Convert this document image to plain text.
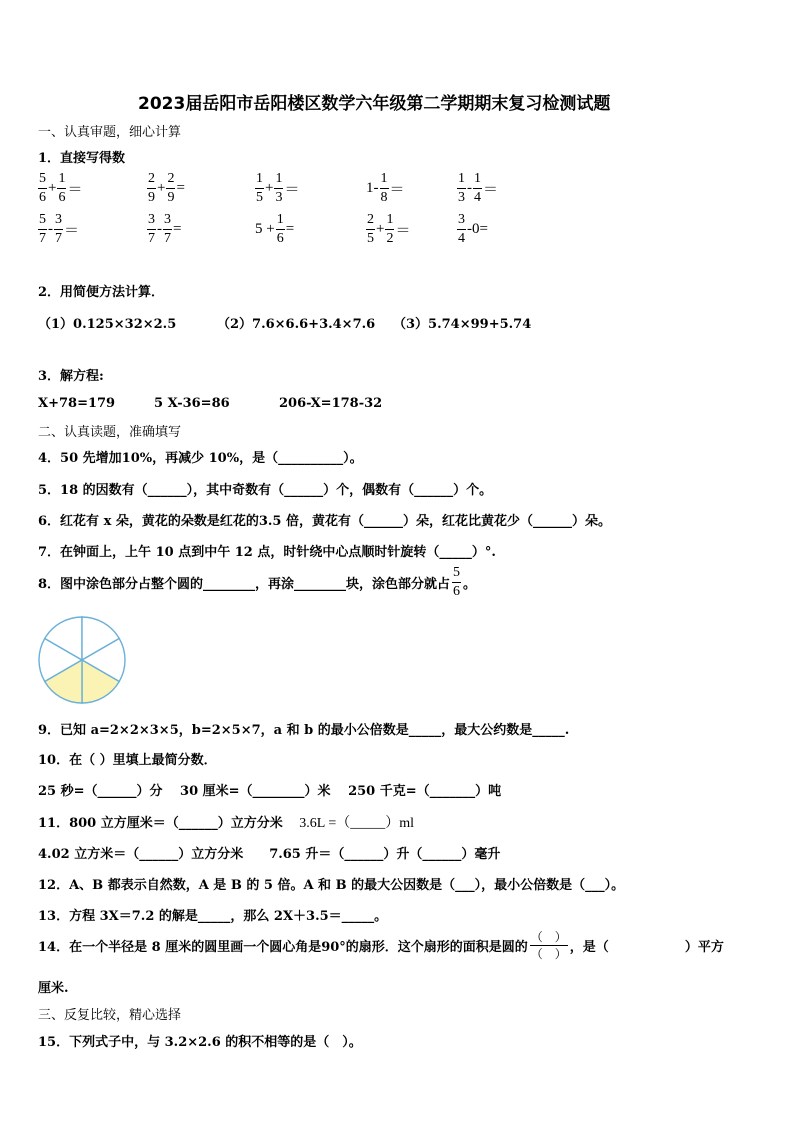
2023届岳阳市岳阳楼区数学六年级第二学期期末复习检测试题
一、认真审题，细心计算
1．直接写得数
$\frac{5}{6} + \frac{1}{6}$ ＝	$\frac{2}{9} + \frac{2}{9}$ =	$\frac{1}{5} + \frac{1}{3}$ ＝	$1- \frac{1}{8}$ ＝	$\frac{1}{3} - \frac{1}{4}$ ＝
$\frac{5}{7} - \frac{3}{7}$ ＝	$\frac{3}{7} - \frac{3}{7}$ =	$5 + \frac{1}{6}$ =	$\frac{2}{5} + \frac{1}{2}$ ＝	$\frac{3}{4} -0=$
2．用简便方法计算．
（1）0.125×32×2.5	（2）7.6×6.6+3.4×7.6 （3）5.74×99+5.74
3．解方程:
X+78=179	5 X-36=86	206-X=178-32
二、认真读题，准确填写
4．50 先增加10%，再减少 10%，是（__________）。
5．18 的因数有（______），其中奇数有（______）个，偶数有（______）个。
6．红花有 x 朵，黄花的朵数是红花的3.5 倍，黄花有（______）朵，红花比黄花少（______）朵。
7．在钟面上，上午 10 点到中午 12 点，时针绕中心点顺时针旋转（_____）°.
8．图中涂色部分占整个圆的________，再涂________块，涂色部分就占 $\frac{5}{6}$ 。
9．已知 a=2×2×3×5，b=2×5×7，a 和 b 的最小公倍数是_____，最大公约数是_____.
10．在（ ）里填上最简分数．
25 秒=（______）分　 30 厘米=（________）米　 250 千克=（_______）吨
11．800 立方厘米＝（______）立方分米 3.6L =（_____）ml
4.02 立方米＝（______）立方分米　　7.65 升＝（______）升（______）毫升
12．A、B 都表示自然数，A 是 B 的 5 倍。A 和 B 的最大公因数是（___），最小公倍数是（___）。
13．方程 3X＝7.2 的解是_____，那么 2X＋3.5＝_____。
14．在一个半径是 8 厘米的圆里画一个圆心角是90°的扇形．这个扇形的面积是圆的 $\frac{( )}{( )}$ ，是（	）平方
厘米.
三、反复比较，精心选择
15．下列式子中，与 3.2×2.6 的积不相等的是（　）。
